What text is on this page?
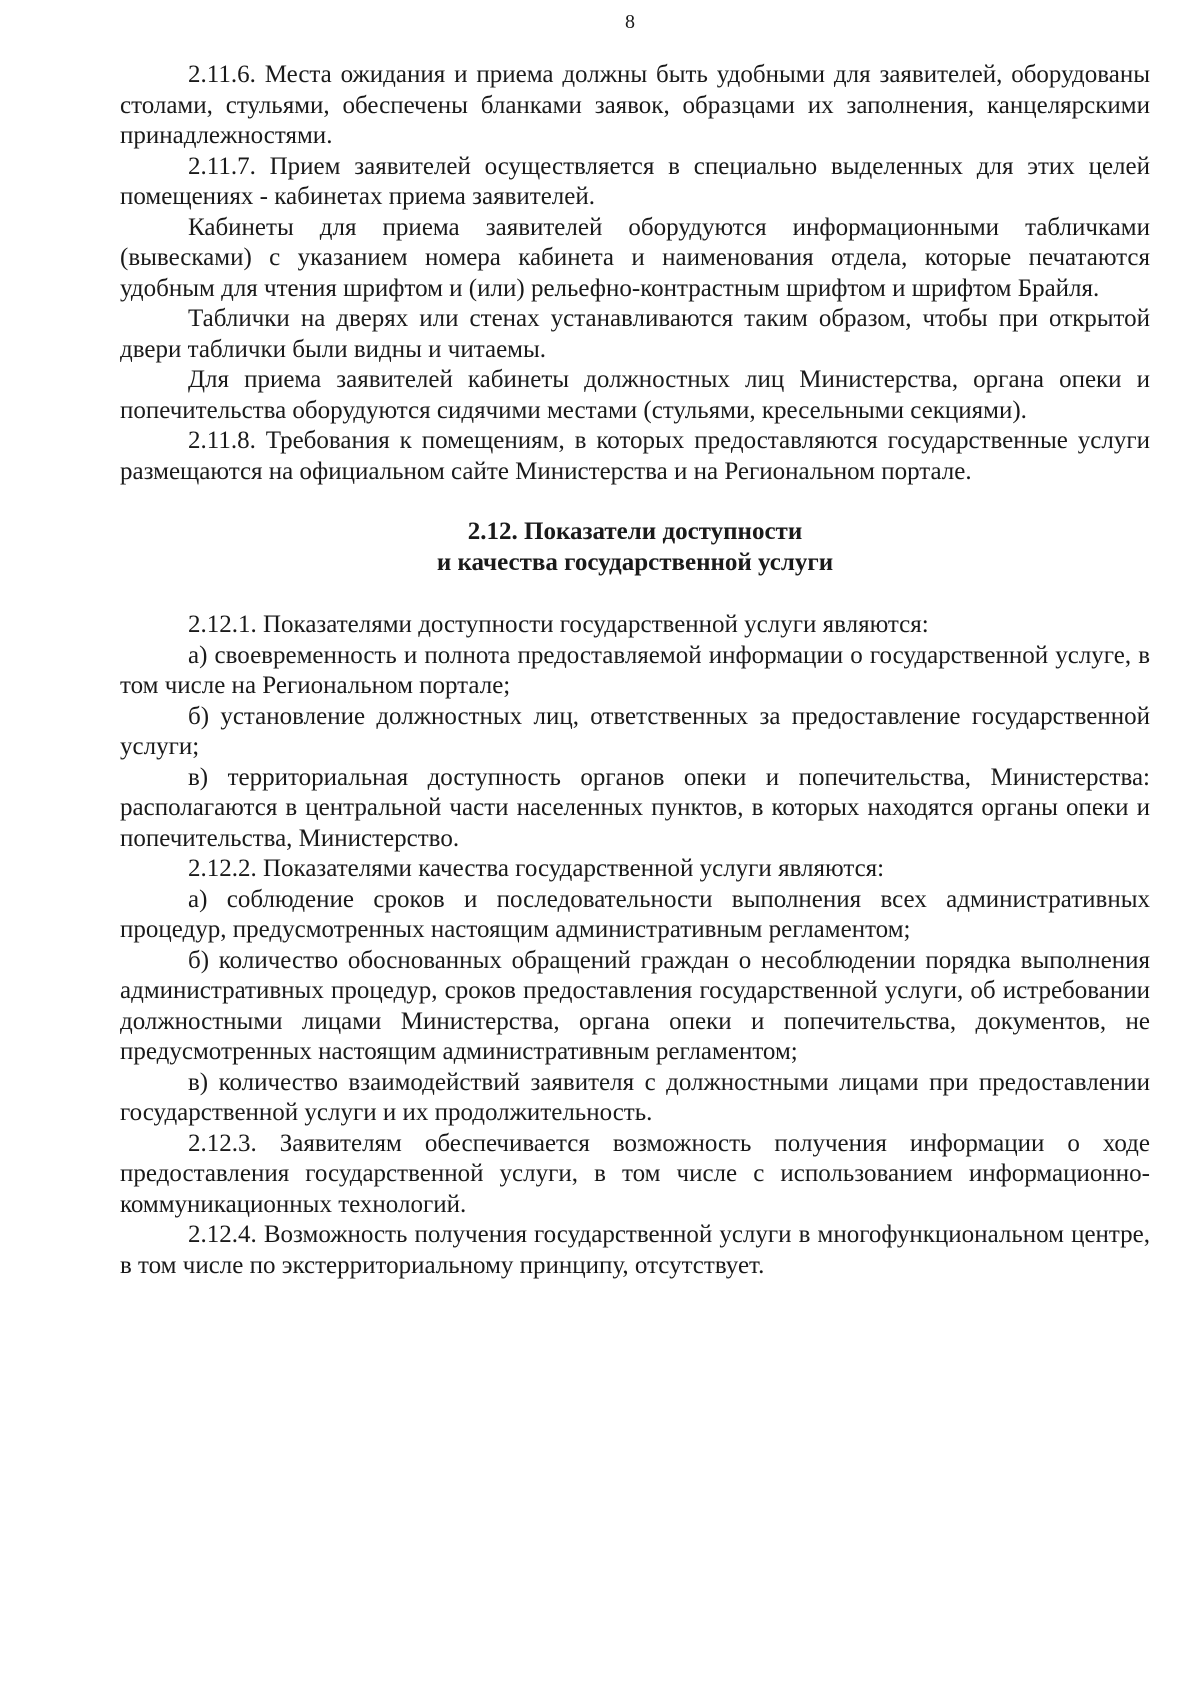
8

2.11.6. Места ожидания и приема должны быть удобными для заявителей, оборудованы столами, стульями, обеспечены бланками заявок, образцами их заполнения, канцелярскими принадлежностями.

2.11.7. Прием заявителей осуществляется в специально выделенных для этих целей помещениях - кабинетах приема заявителей.

Кабинеты для приема заявителей оборудуются информационными табличками (вывесками) с указанием номера кабинета и наименования отдела, которые печатаются удобным для чтения шрифтом и (или) рельефно-контрастным шрифтом и шрифтом Брайля.

Таблички на дверях или стенах устанавливаются таким образом, чтобы при открытой двери таблички были видны и читаемы.

Для приема заявителей кабинеты должностных лиц Министерства, органа опеки и попечительства оборудуются сидячими местами (стульями, кресельными секциями).

2.11.8. Требования к помещениям, в которых предоставляются государственные услуги размещаются на официальном сайте Министерства и на Региональном портале.

2.12. Показатели доступности
и качества государственной услуги

2.12.1. Показателями доступности государственной услуги являются:

а) своевременность и полнота предоставляемой информации о государственной услуге, в том числе на Региональном портале;

б) установление должностных лиц, ответственных за предоставление государственной услуги;

в) территориальная доступность органов опеки и попечительства, Министерства: располагаются в центральной части населенных пунктов, в которых находятся органы опеки и попечительства, Министерство.

2.12.2. Показателями качества государственной услуги являются:

а) соблюдение сроков и последовательности выполнения всех административных процедур, предусмотренных настоящим административным регламентом;

б) количество обоснованных обращений граждан о несоблюдении порядка выполнения административных процедур, сроков предоставления государственной услуги, об истребовании должностными лицами Министерства, органа опеки и попечительства, документов, не предусмотренных настоящим административным регламентом;

в) количество взаимодействий заявителя с должностными лицами при предоставлении государственной услуги и их продолжительность.

2.12.3. Заявителям обеспечивается возможность получения информации о ходе предоставления государственной услуги, в том числе с использованием информационно-коммуникационных технологий.

2.12.4. Возможность получения государственной услуги в многофункциональном центре, в том числе по экстерриториальному принципу, отсутствует.
